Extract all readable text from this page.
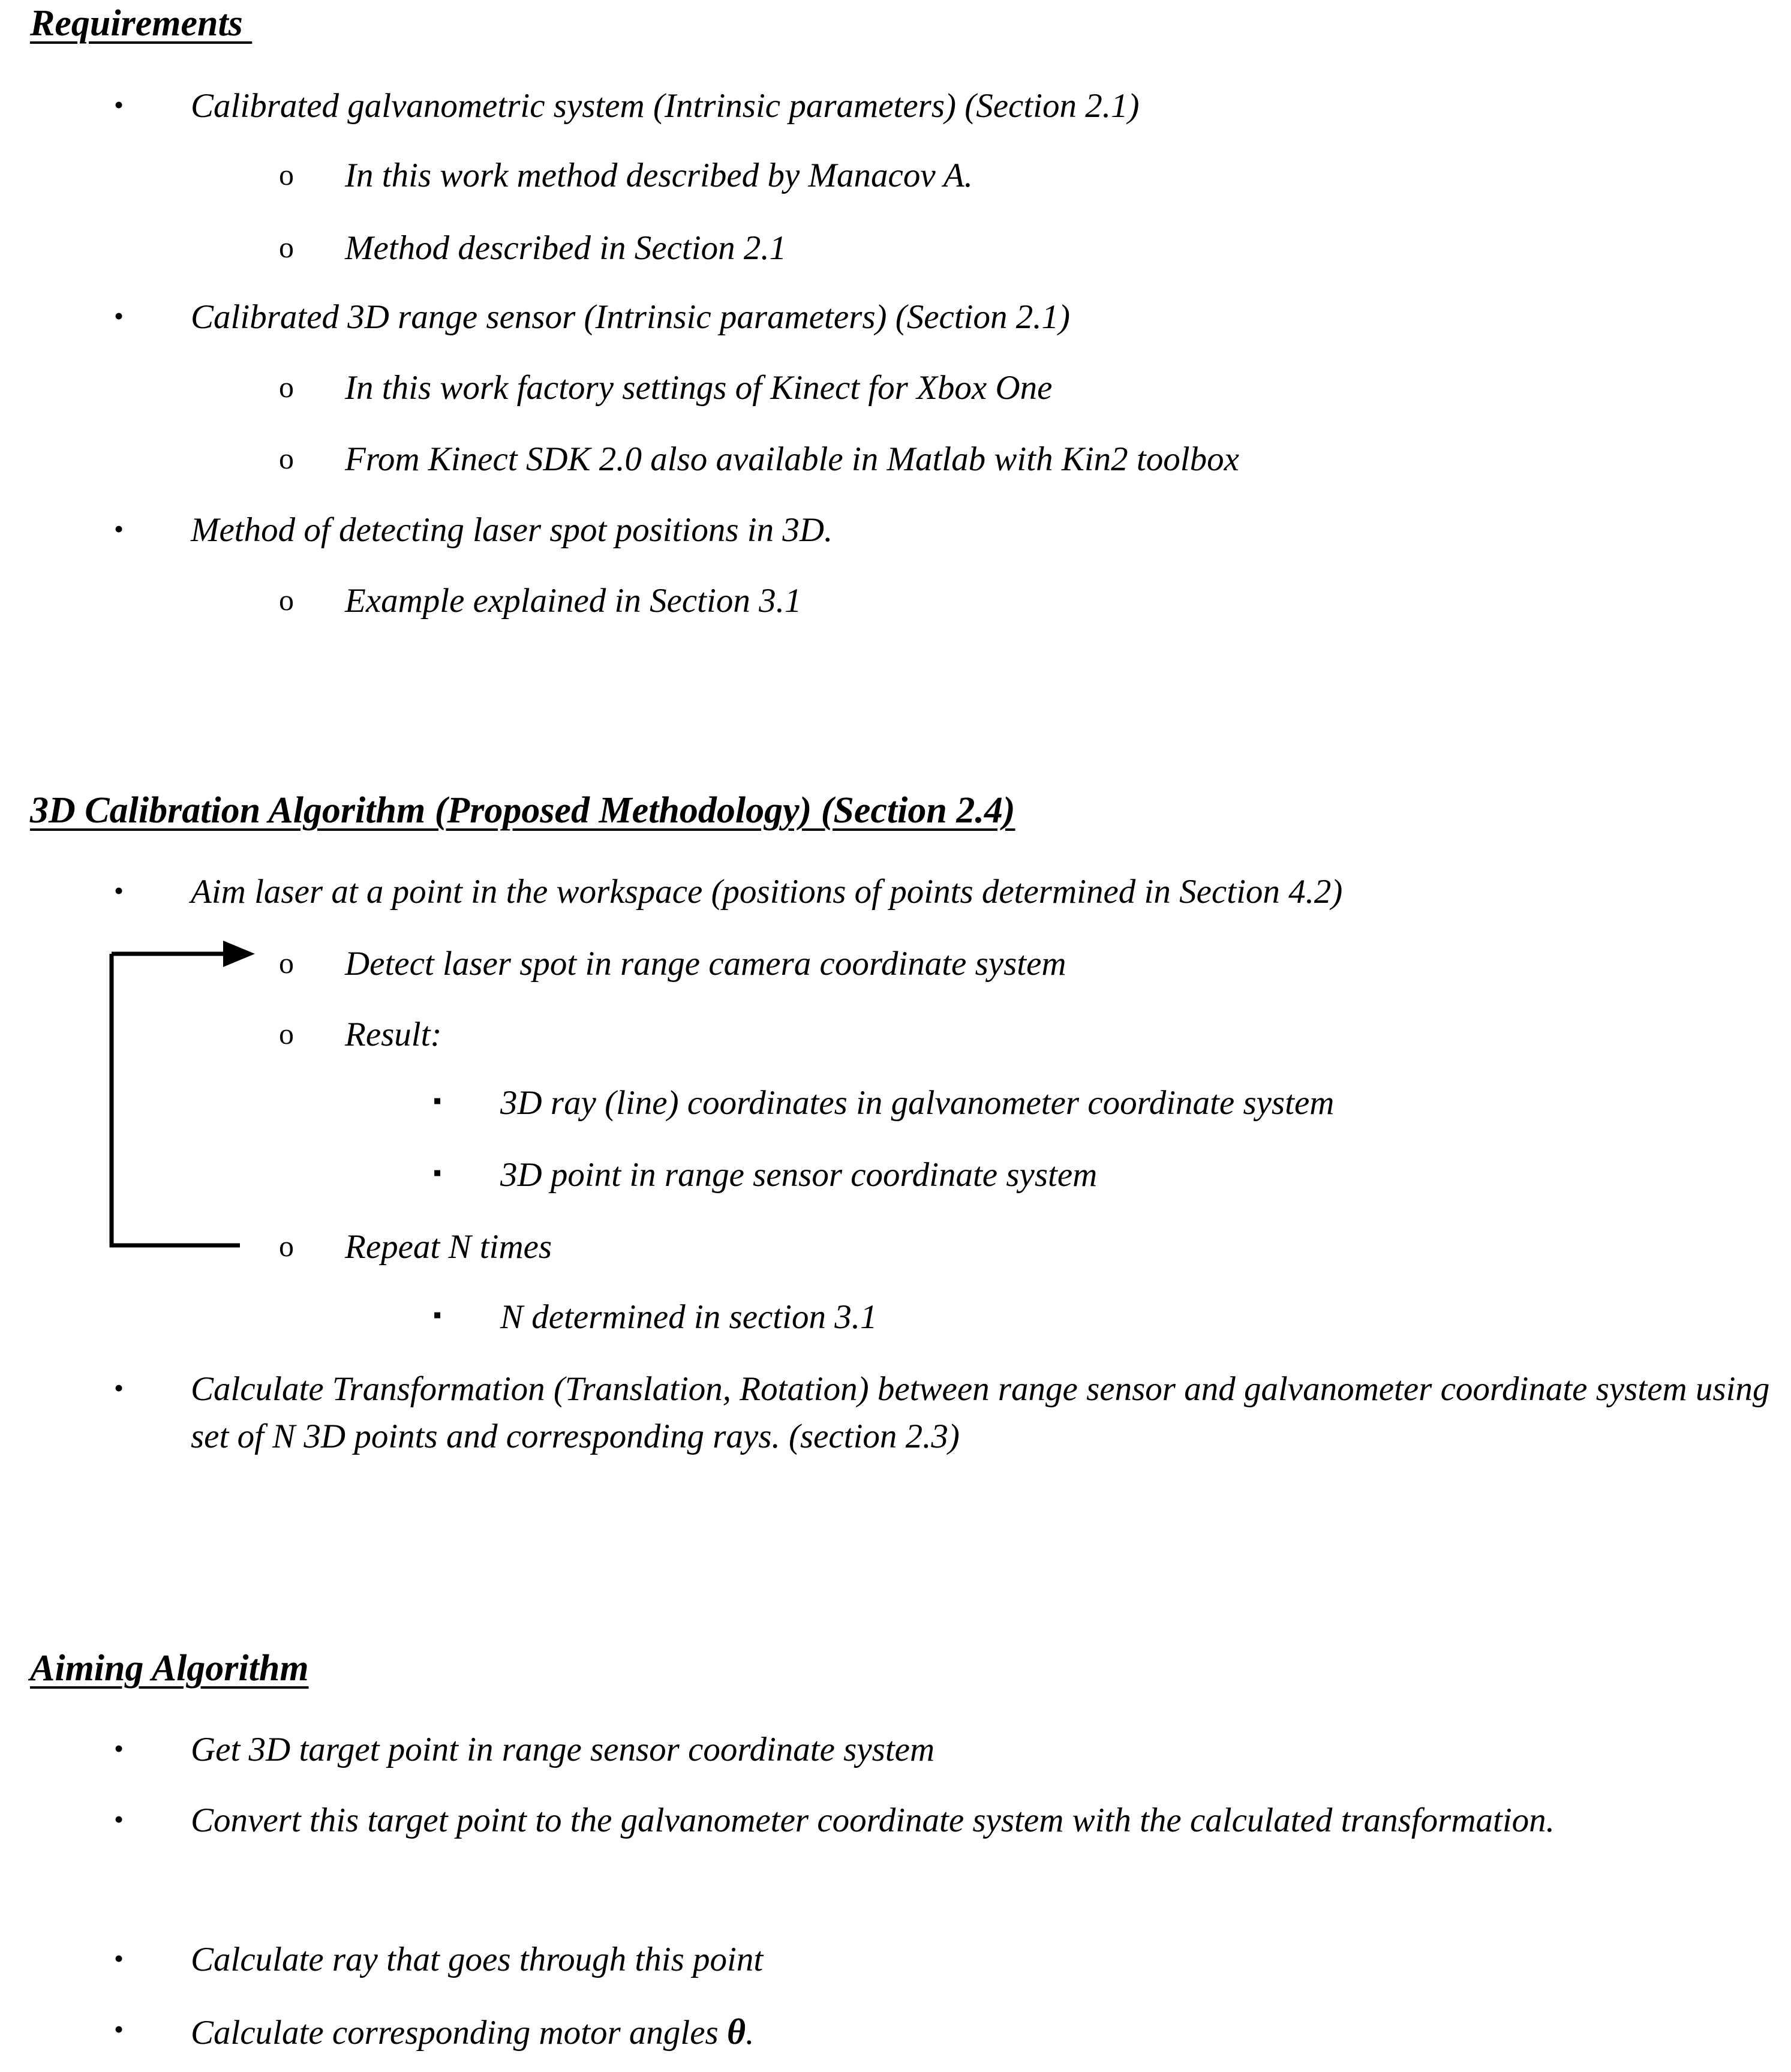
Requirements
•	Calibrated galvanometric system (Intrinsic parameters) (Section 2.1)
o	In this work method described by Manacov A.
o	Method described in Section 2.1
•	Calibrated 3D range sensor (Intrinsic parameters) (Section 2.1)
o	In this work factory settings of Kinect for Xbox One
o	From Kinect SDK 2.0 also available in Matlab with Kin2 toolbox
•	Method of detecting laser spot positions in 3D.
o	Example explained in Section 3.1
3D Calibration Algorithm (Proposed Methodology) (Section 2.4)
•	Aim laser at a point in the workspace (positions of points determined in Section 4.2)
o	Detect laser spot in range camera coordinate system
o	Result:
▪	3D ray (line) coordinates in galvanometer coordinate system
▪	3D point in range sensor coordinate system
o	Repeat N times
▪	N determined in section 3.1
•	Calculate Transformation (Translation, Rotation) between range sensor and galvanometer coordinate system using set of N 3D points and corresponding rays. (section 2.3)
Aiming Algorithm
•	Get 3D target point in range sensor coordinate system
•	Convert this target point to the galvanometer coordinate system with the calculated transformation.
•	Calculate ray that goes through this point
•	Calculate corresponding motor angles θ.
